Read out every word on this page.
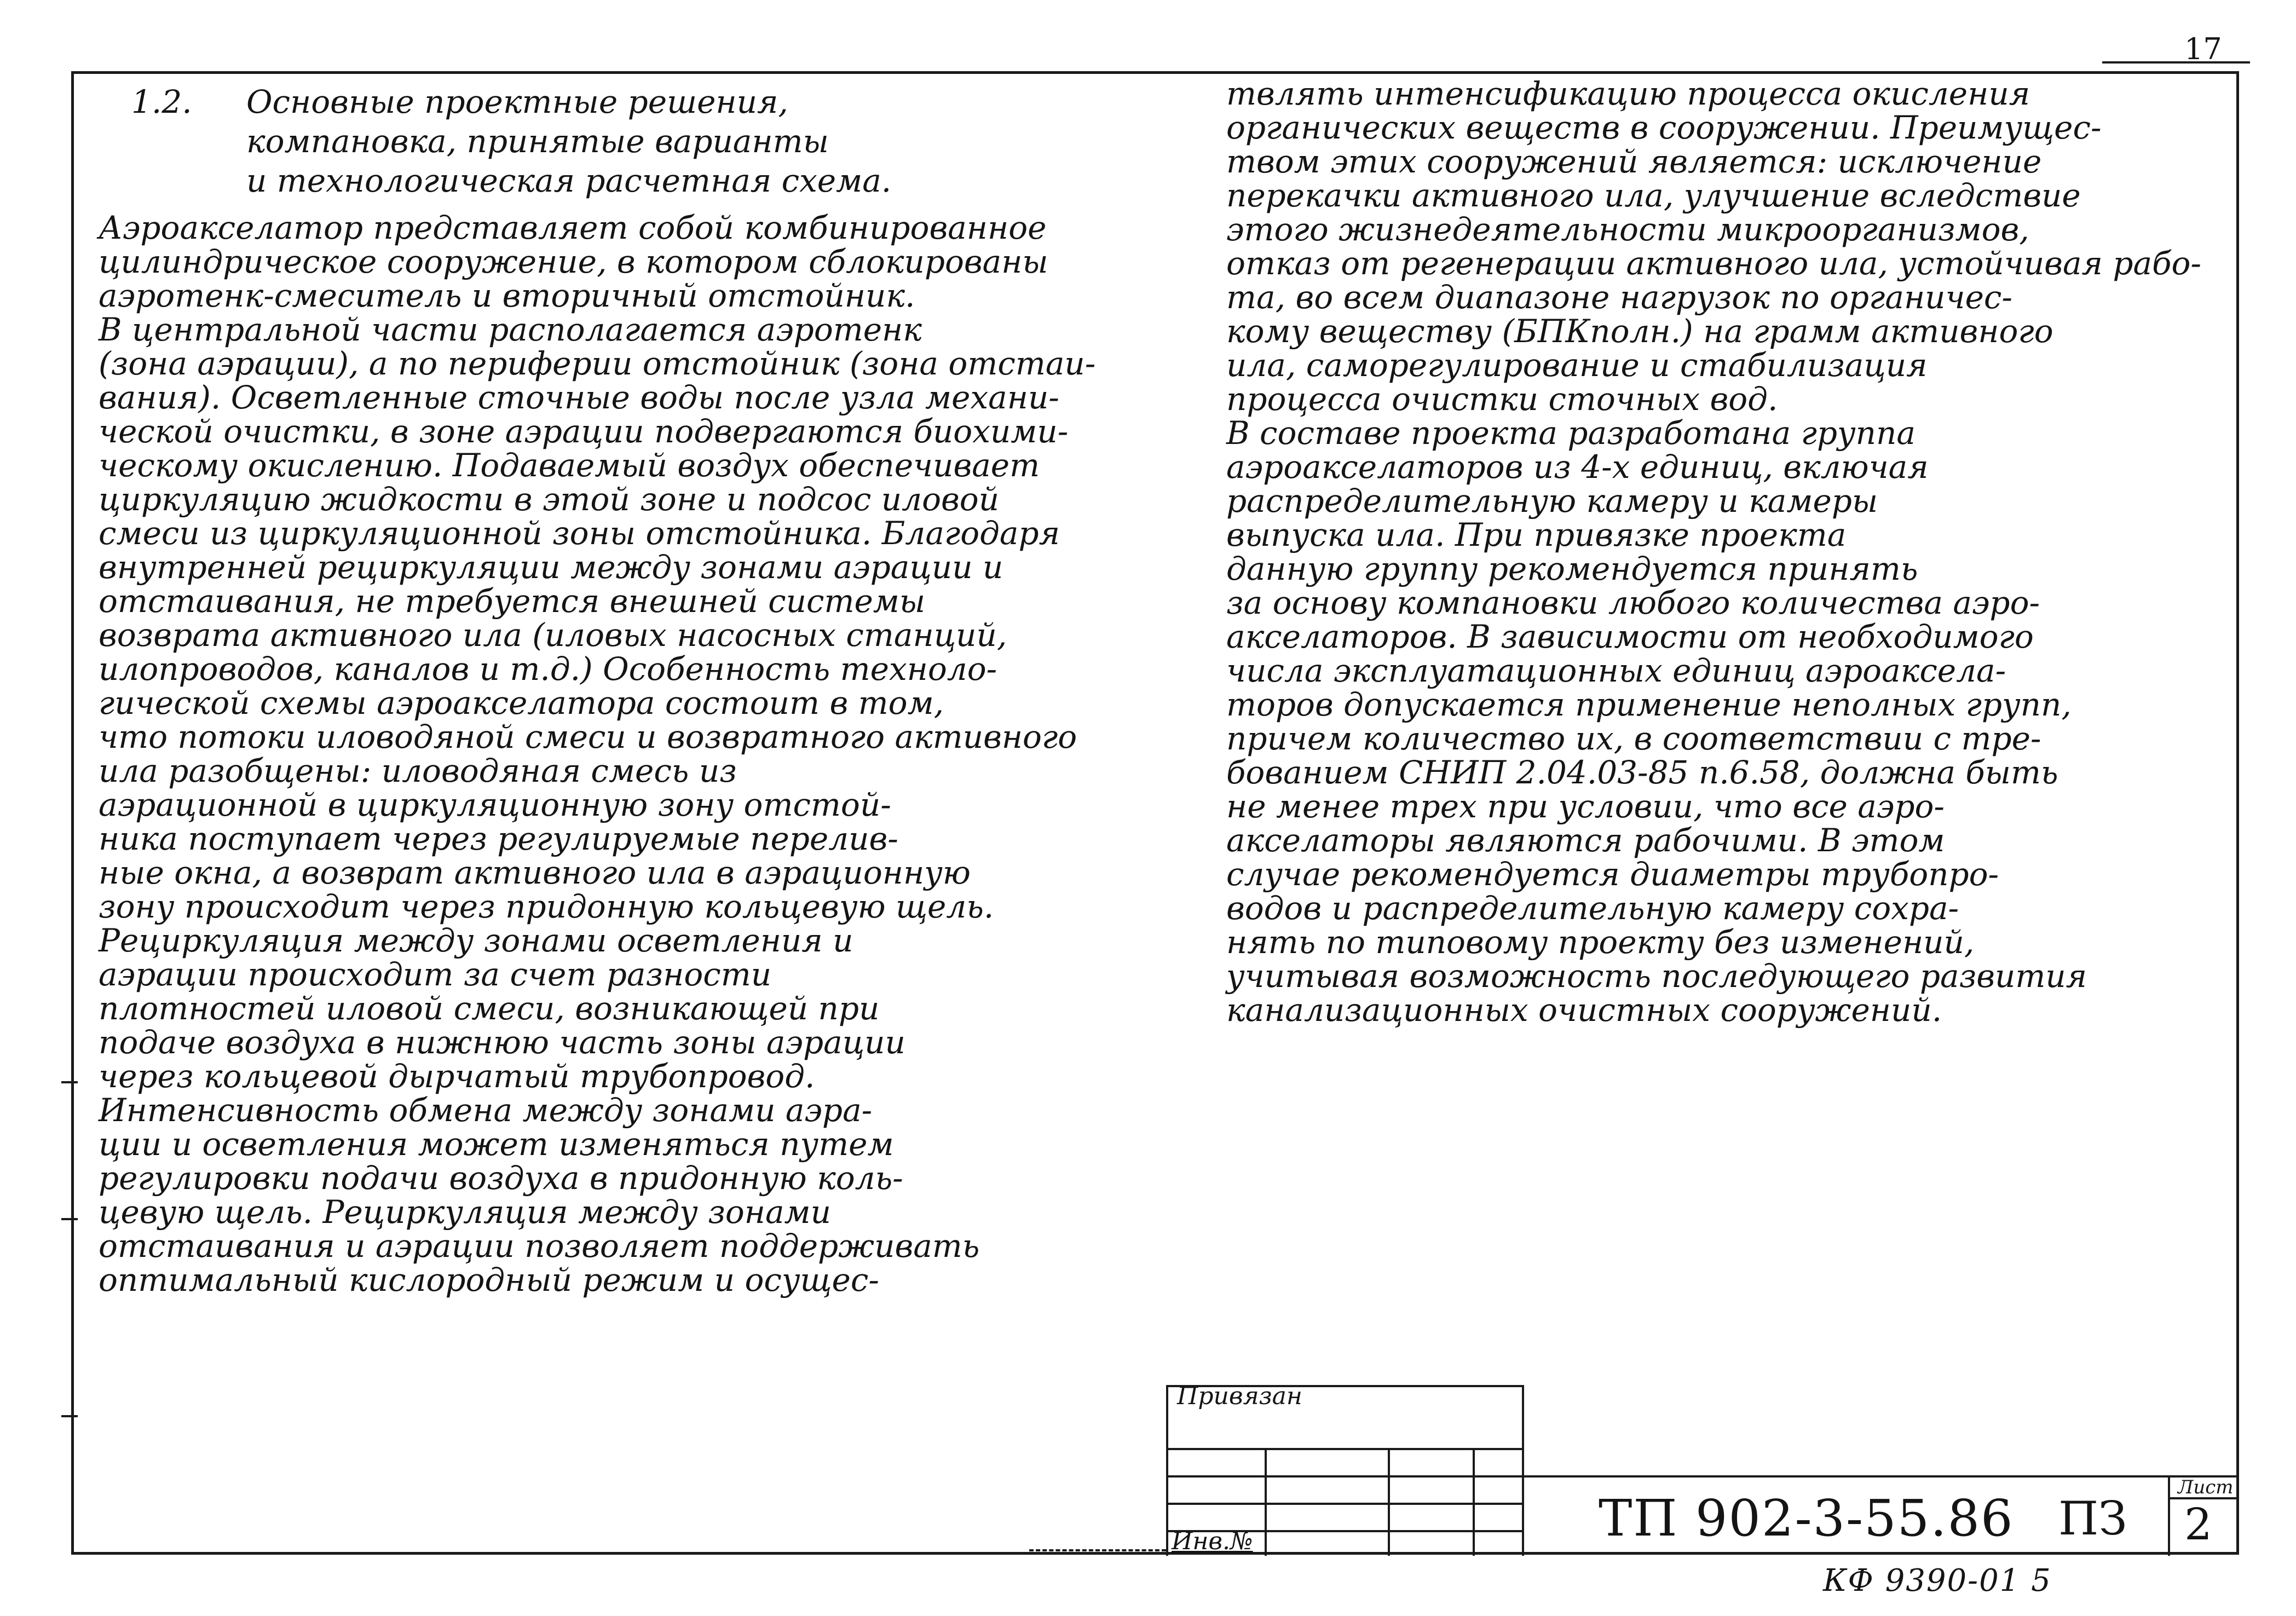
17
1.2. Основные проектные решения,
компановка, принятые варианты
и технологическая расчетная схема.
Аэроакселатор представляет собой комбинированное
цилиндрическое сооружение, в котором сблокированы
аэротенк-смеситель и вторичный отстойник.
В центральной части располагается аэротенк
(зона аэрации), а по периферии отстойник (зона отстаи-
вания). Осветленные сточные воды после узла механи-
ческой очистки, в зоне аэрации подвергаются биохими-
ческому окислению. Подаваемый воздух обеспечивает
циркуляцию жидкости в этой зоне и подсос иловой
смеси из циркуляционной зоны отстойника. Благодаря
внутренней рециркуляции между зонами аэрации и
отстаивания, не требуется внешней системы
возврата активного ила (иловых насосных станций,
илопроводов, каналов и т.д.) Особенность техноло-
гической схемы аэроакселатора состоит в том,
что потоки иловодяной смеси и возвратного активного
ила разобщены: иловодяная смесь из
аэрационной в циркуляционную зону отстой-
ника поступает через регулируемые перелив-
ные окна, а возврат активного ила в аэрационную
зону происходит через придонную кольцевую щель.
Рециркуляция между зонами осветления и
аэрации происходит за счет разности
плотностей иловой смеси, возникающей при
подаче воздуха в нижнюю часть зоны аэрации
через кольцевой дырчатый трубопровод.
Интенсивность обмена между зонами аэра-
ции и осветления может изменяться путем
регулировки подачи воздуха в придонную коль-
цевую щель. Рециркуляция между зонами
отстаивания и аэрации позволяет поддерживать
оптимальный кислородный режим и осущес-
твлять интенсификацию процесса окисления
органических веществ в сооружении. Преимущес-
твом этих сооружений является: исключение
перекачки активного ила, улучшение вследствие
этого жизнедеятельности микроорганизмов,
отказ от регенерации активного ила, устойчивая рабо-
та, во всем диапазоне нагрузок по органичес-
кому веществу (БПКполн.) на грамм активного
ила, саморегулирование и стабилизация
процесса очистки сточных вод.
В составе проекта разработана группа
аэроакселаторов из 4-х единиц, включая
распределительную камеру и камеры
выпуска ила. При привязке проекта
данную группу рекомендуется принять
за основу компановки любого количества аэро-
акселаторов. В зависимости от необходимого
числа эксплуатационных единиц аэроаксела-
торов допускается применение неполных групп,
причем количество их, в соответствии с тре-
бованием СНИП 2.04.03-85 п.6.58, должна быть
не менее трех при условии, что все аэро-
акселаторы являются рабочими. В этом
случае рекомендуется диаметры трубопро-
водов и распределительную камеру сохра-
нять по типовому проекту без изменений,
учитывая возможность последующего развития
канализационных очистных сооружений.
Привязан
Инв.№	ТП 902-3-55.86 ПЗ
Лист
2
КФ 9390-01 5
